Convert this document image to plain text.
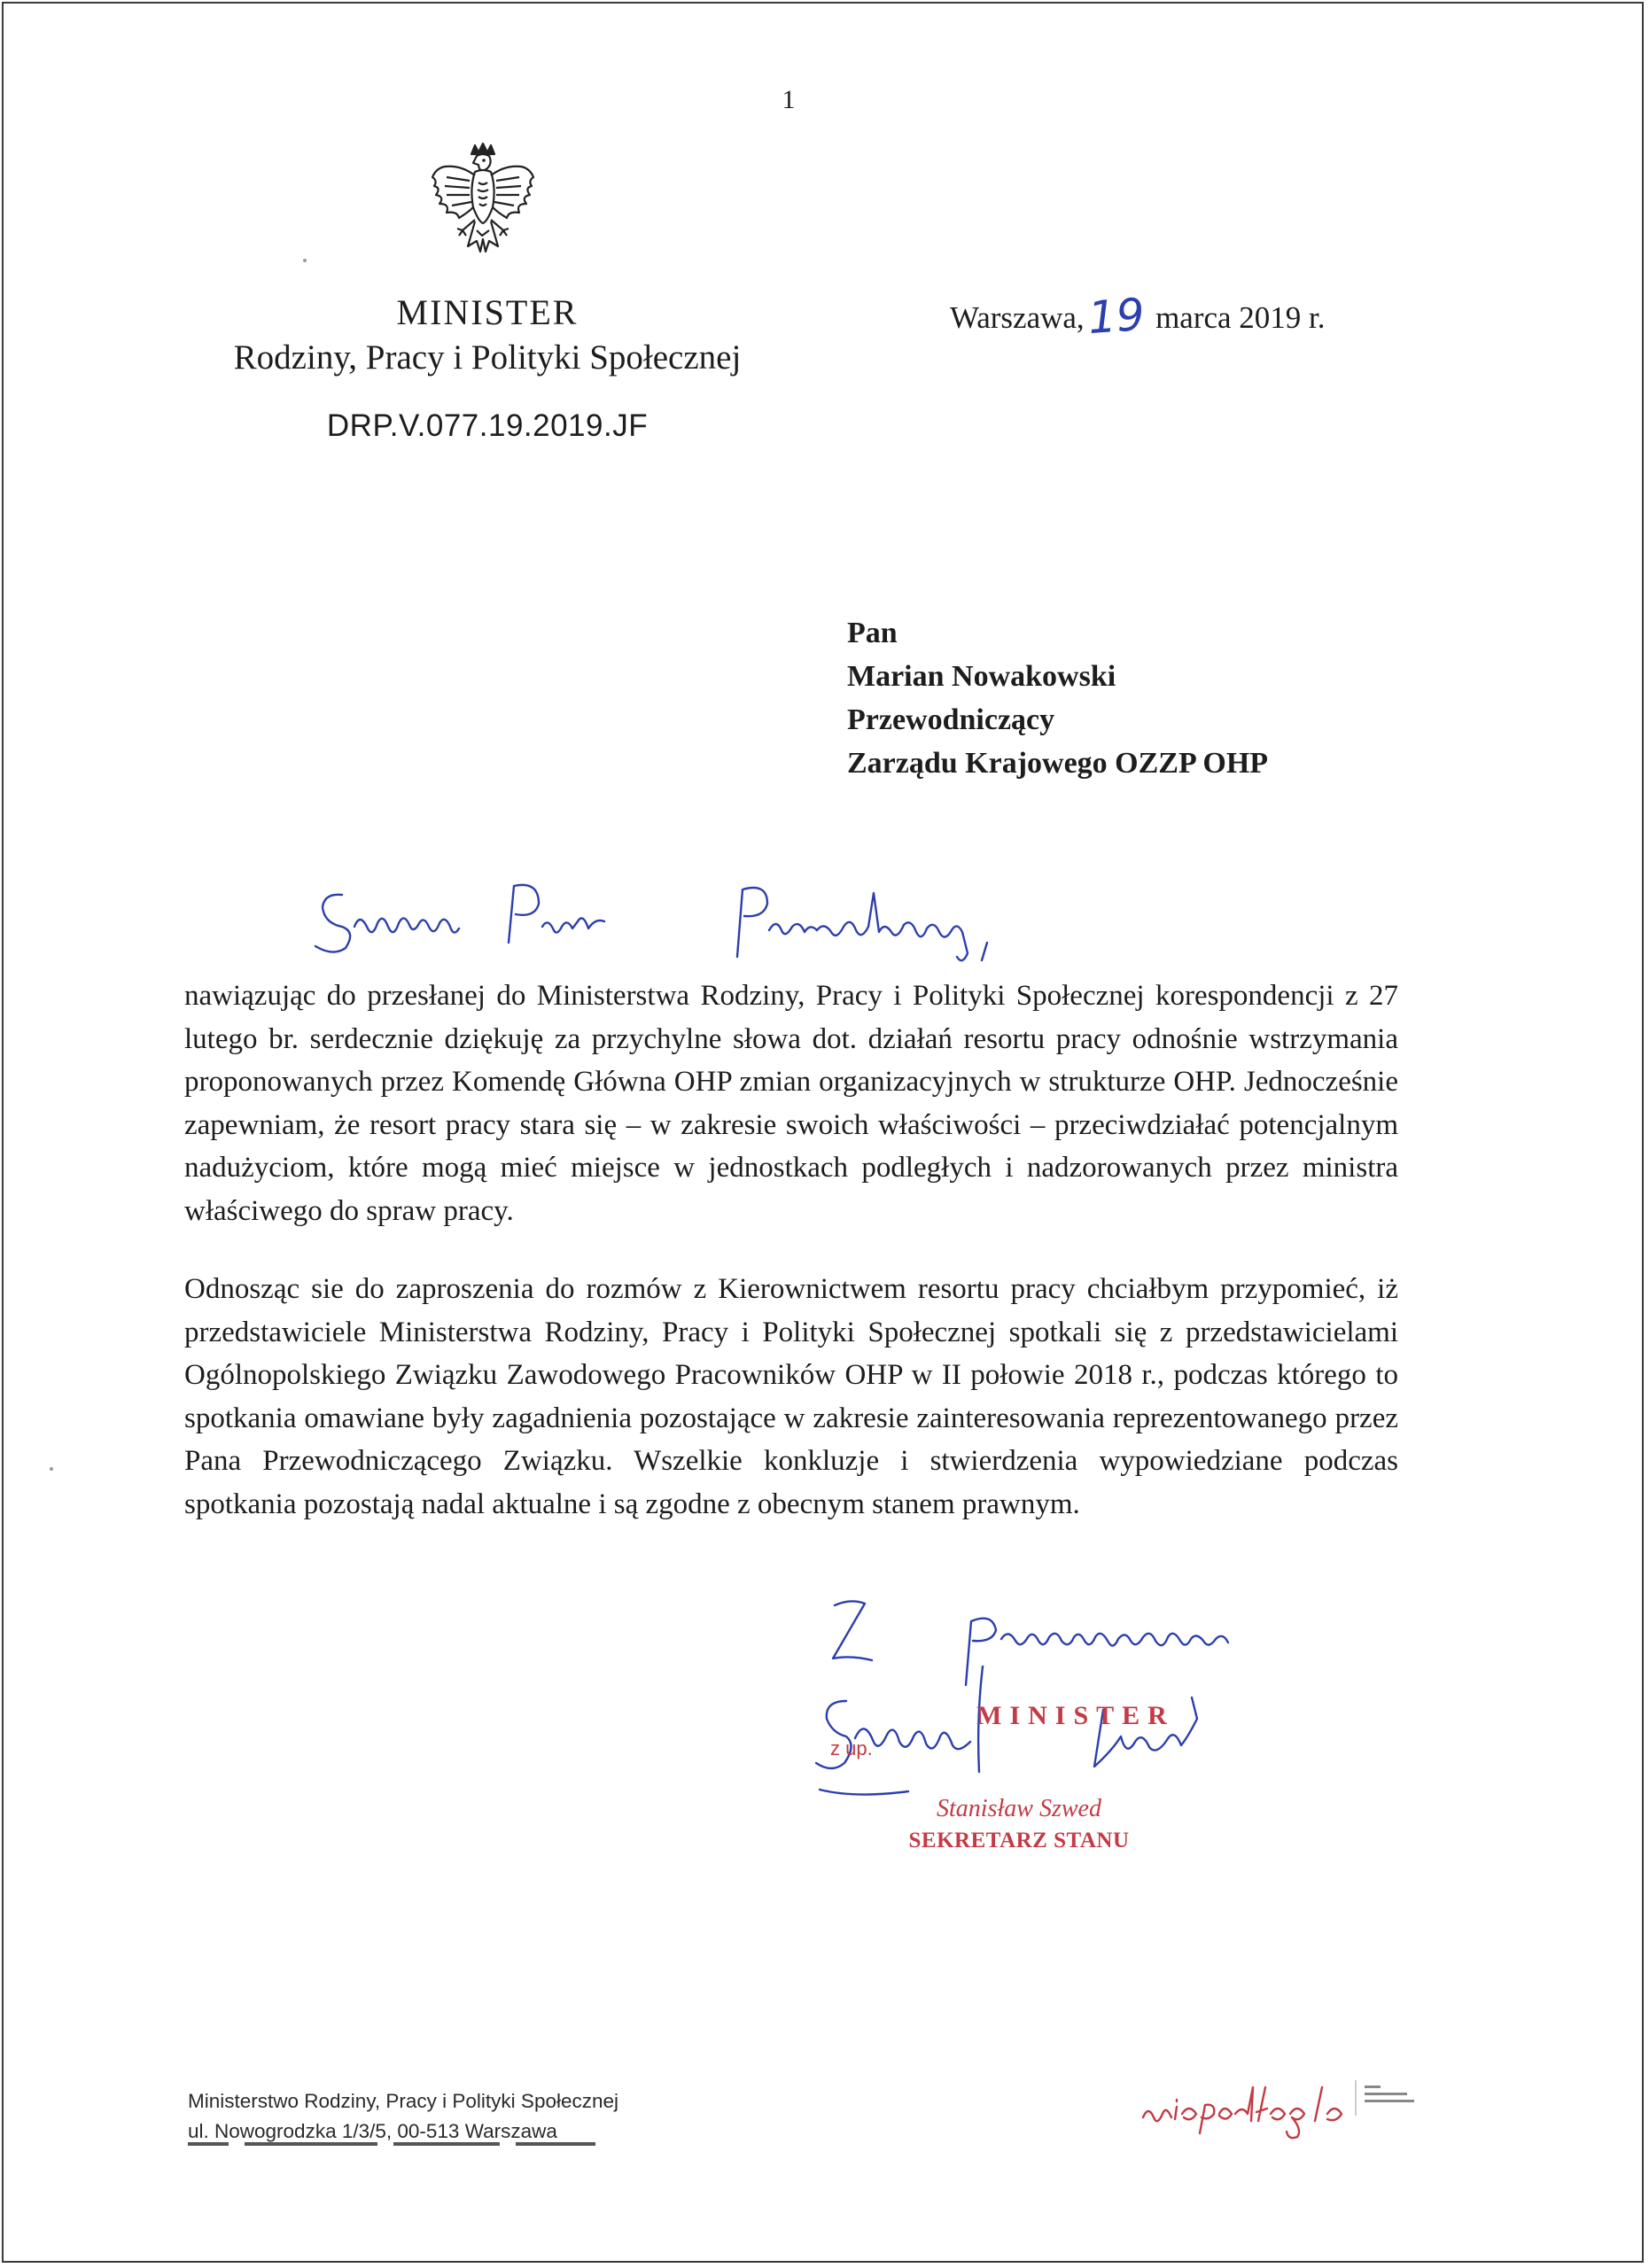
1
MINISTER
Rodziny, Pracy i Polityki Społecznej
DRP.V.077.19.2019.JF
Warszawa,19 marca 2019 r.
Pan
Marian Nowakowski
Przewodniczący
Zarządu Krajowego OZZP OHP

nawiązując do przesłanej do Ministerstwa Rodziny, Pracy i Polityki Społecznej korespondencji z 27 lutego br. serdecznie dziękuję za przychylne słowa dot. działań resortu pracy odnośnie wstrzymania proponowanych przez Komendę Główna OHP zmian organizacyjnych w strukturze OHP. Jednocześnie zapewniam, że resort pracy stara się – w zakresie swoich właściwości – przeciwdziałać potencjalnym nadużyciom, które mogą mieć miejsce w jednostkach podległych i nadzorowanych przez ministra właściwego do spraw pracy.

Odnosząc sie do zaproszenia do rozmów z Kierownictwem resortu pracy chciałbym przypomieć, iż przedstawiciele Ministerstwa Rodziny, Pracy i Polityki Społecznej spotkali się z przedstawicielami Ogólnopolskiego Związku Zawodowego Pracowników OHP w II połowie 2018 r., podczas którego to spotkania omawiane były zagadnienia pozostające w zakresie zainteresowania reprezentowanego przez Pana Przewodniczącego Związku. Wszelkie konkluzje i stwierdzenia wypowiedziane podczas spotkania pozostają nadal aktualne i są zgodne z obecnym stanem prawnym.

MINISTER
z up.
Stanisław Szwed
SEKRETARZ STANU
Ministerstwo Rodziny, Pracy i Polityki Społecznej
ul. Nowogrodzka 1/3/5, 00-513 Warszawa
